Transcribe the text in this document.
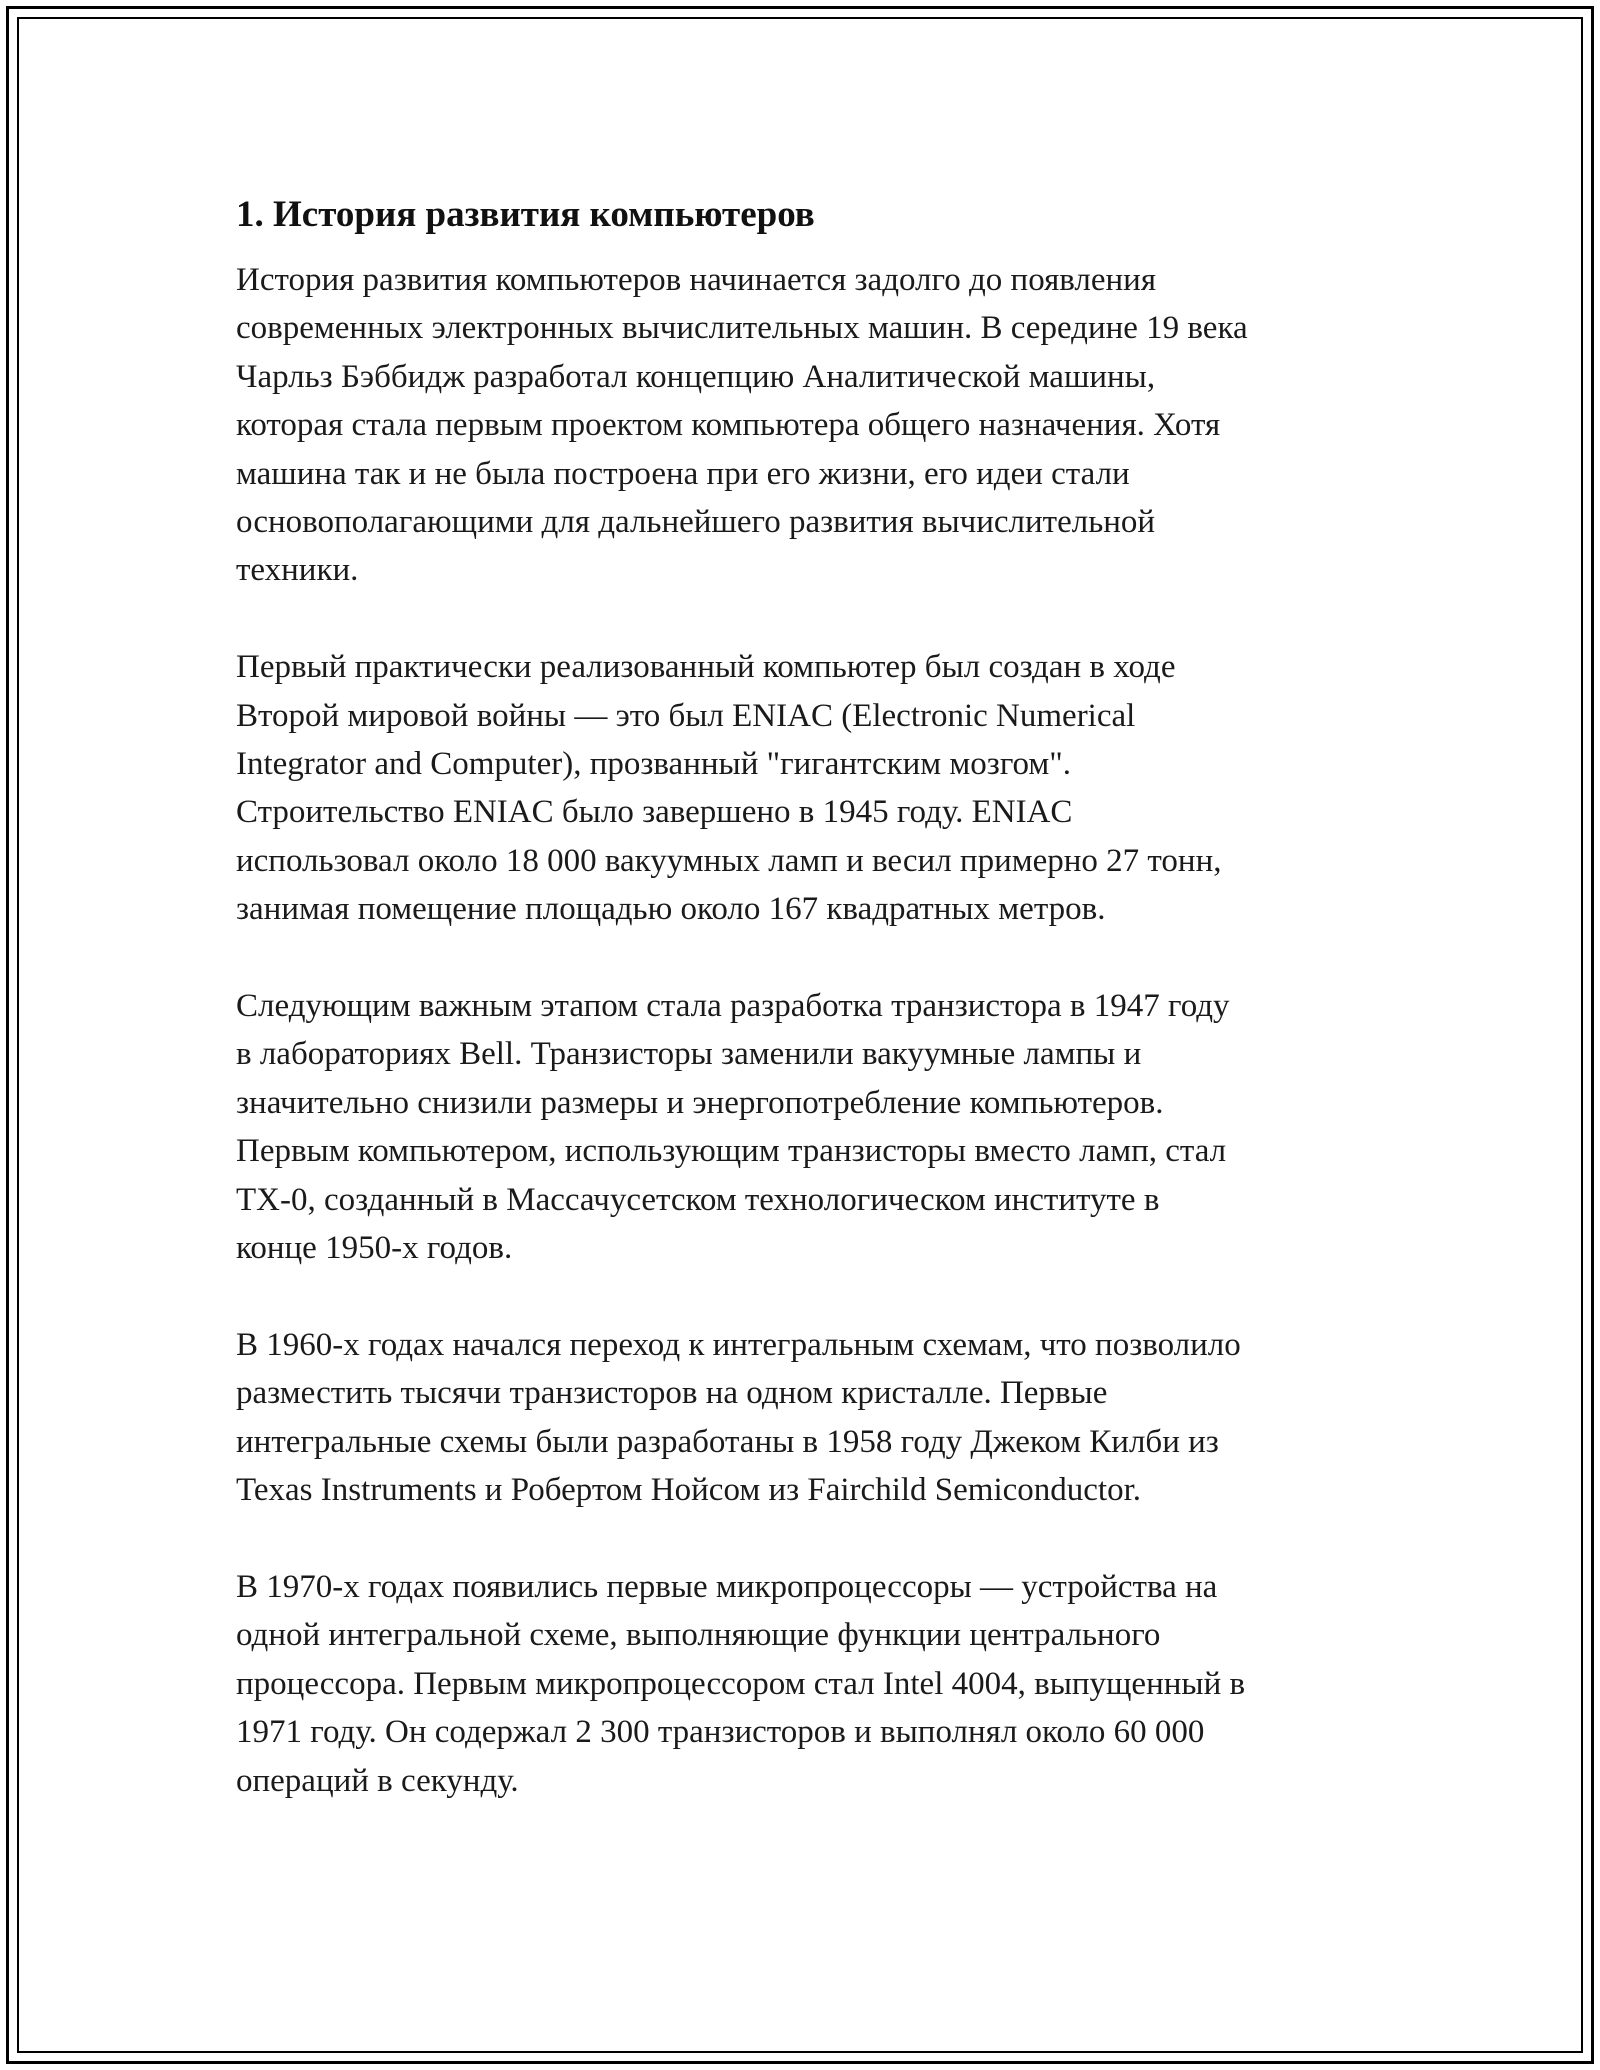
1. История развития компьютеров

История развития компьютеров начинается задолго до появления
современных электронных вычислительных машин. В середине 19 века
Чарльз Бэббидж разработал концепцию Аналитической машины,
которая стала первым проектом компьютера общего назначения. Хотя
машина так и не была построена при его жизни, его идеи стали
основополагающими для дальнейшего развития вычислительной
техники.

Первый практически реализованный компьютер был создан в ходе
Второй мировой войны — это был ENIAC (Electronic Numerical
Integrator and Computer), прозванный "гигантским мозгом".
Строительство ENIAC было завершено в 1945 году. ENIAC
использовал около 18 000 вакуумных ламп и весил примерно 27 тонн,
занимая помещение площадью около 167 квадратных метров.

Следующим важным этапом стала разработка транзистора в 1947 году
в лабораториях Bell. Транзисторы заменили вакуумные лампы и
значительно снизили размеры и энергопотребление компьютеров.
Первым компьютером, использующим транзисторы вместо ламп, стал
TX-0, созданный в Массачусетском технологическом институте в
конце 1950-х годов.

В 1960-х годах начался переход к интегральным схемам, что позволило
разместить тысячи транзисторов на одном кристалле. Первые
интегральные схемы были разработаны в 1958 году Джеком Килби из
Texas Instruments и Робертом Нойсом из Fairchild Semiconductor.

В 1970-х годах появились первые микропроцессоры — устройства на
одной интегральной схеме, выполняющие функции центрального
процессора. Первым микропроцессором стал Intel 4004, выпущенный в
1971 году. Он содержал 2 300 транзисторов и выполнял около 60 000
операций в секунду.
